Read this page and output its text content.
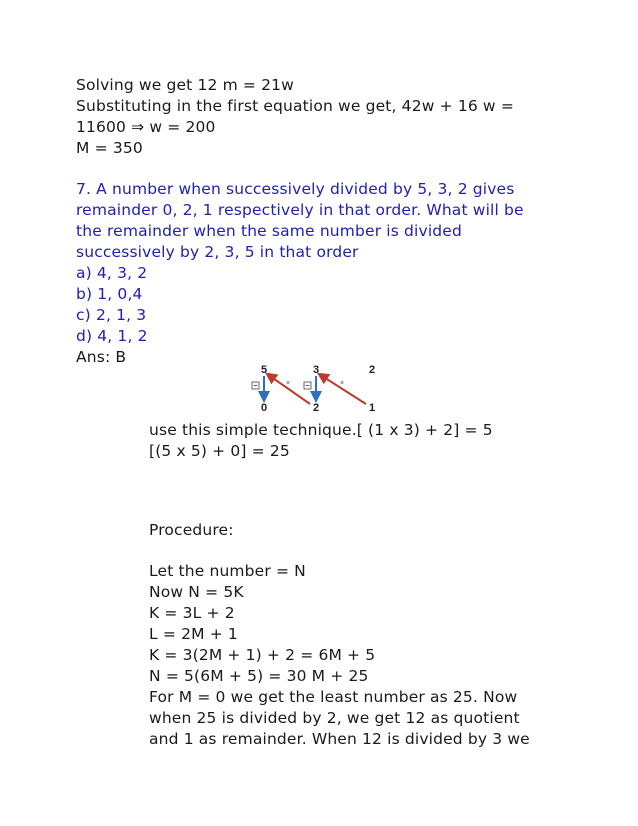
Solving we get 12 m = 21w
Substituting in the first equation we get, 42w + 16 w =
11600 ⇒ w = 200
M = 350
7. A number when successively divided by 5, 3, 2 gives
remainder 0, 2, 1 respectively in that order. What will be
the remainder when the same number is divided
successively by 2, 3, 5 in that order
a) 4, 3, 2
b) 1, 0,4
c) 2, 1, 3
d) 4, 1, 2
Ans: B
5	3	2
0	2	1
×	×
use this simple technique.[ (1 x 3) + 2] = 5
[(5 x 5) + 0] = 25
Procedure:
Let the number = N
Now N = 5K
K = 3L + 2
L = 2M + 1
K = 3(2M + 1) + 2 = 6M + 5
N = 5(6M + 5) = 30 M + 25
For M = 0 we get the least number as 25. Now
when 25 is divided by 2, we get 12 as quotient
and 1 as remainder. When 12 is divided by 3 we
